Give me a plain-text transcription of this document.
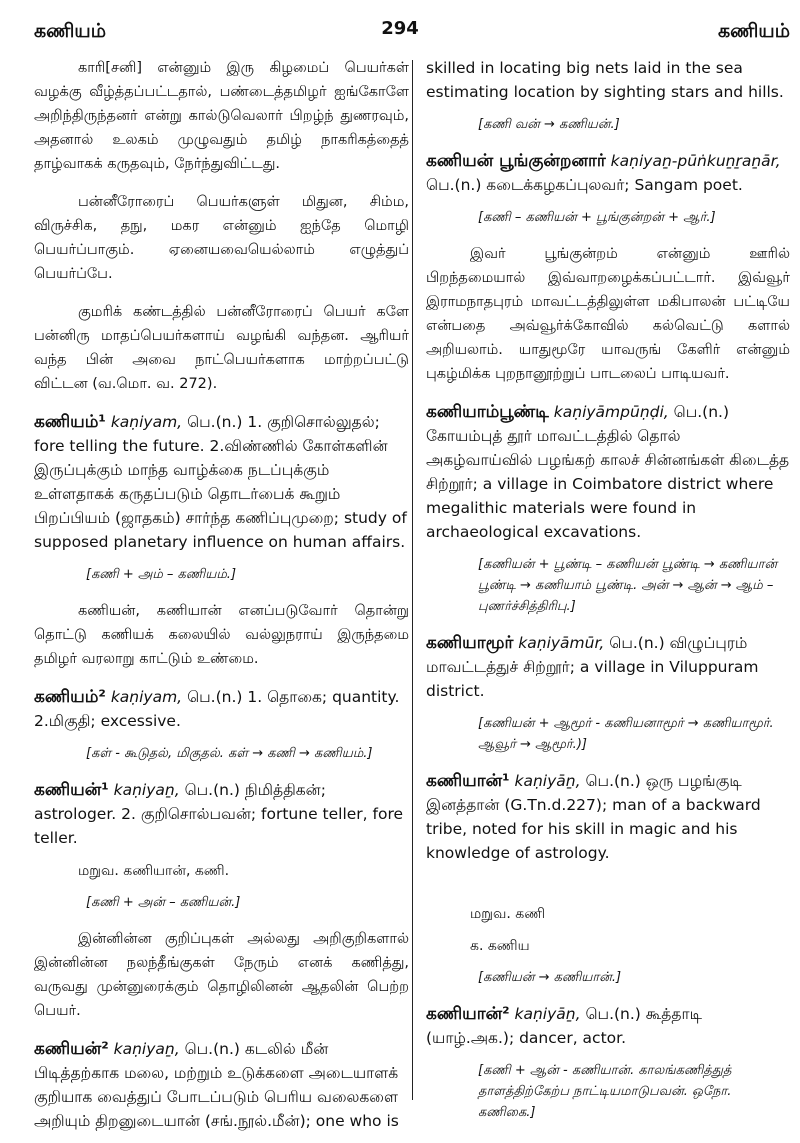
கணியம்	294	கணியம்

காரி[சனி] என்னும் இரு கிழமைப் பெயர்கள் வழக்கு வீழ்த்தப்பட்டதால், பண்டைத்தமிழர் ஐங்கோளே அறிந்திருந்தனர் என்று கால்டுவெலார் பிறழ்ந் துணரவும், அதனால் உலகம் முழுவதும் தமிழ் நாகரிகத்தைத் தாழ்வாகக் கருதவும், நேர்ந்துவிட்டது.

பன்னீரோரைப் பெயர்களுள் மிதுன, சிம்ம, விருச்சிக, தநு, மகர என்னும் ஐந்தே மொழி பெயர்ப்பாகும். ஏனையவையெல்லாம் எழுத்துப் பெயர்ப்பே.

குமரிக் கண்டத்தில் பன்னீரோரைப் பெயர் களே பன்னிரு மாதப்பெயர்களாய் வழங்கி வந்தன. ஆரியர் வந்த பின் அவை நாட்பெயர்களாக மாற்றப்பட்டு விட்டன (வ.மொ. வ. 272).

கணியம்¹ kaṇiyam, பெ.(n.) 1. குறிசொல்லுதல்; fore telling the future. 2.விண்ணில் கோள்களின் இருப்புக்கும் மாந்த வாழ்க்கை நடப்புக்கும் உள்ளதாகக் கருதப்படும் தொடர்பைக் கூறும் பிறப்பியம் (ஜாதகம்) சார்ந்த கணிப்புமுறை; study of supposed planetary influence on human affairs.
[கணி + அம் – கணியம்.]

கணியன், கணியான் எனப்படுவோர் தொன்று தொட்டு கணியக் கலையில் வல்லுநராய் இருந்தமை தமிழர் வரலாறு காட்டும் உண்மை.

கணியம்² kaṇiyam, பெ.(n.) 1. தொகை; quantity. 2.மிகுதி; excessive.
[கள் ‑ கூடுதல், மிகுதல். கள் → கணி → கணியம்.]
கணியன்¹ kaṇiyaṉ, பெ.(n.) நிமித்திகன்; astrologer. 2. குறிசொல்பவன்; fortune teller, fore teller.
மறுவ. கணியான், கணி.
[கணி + அன் – கணியன்.]

இன்னின்ன குறிப்புகள் அல்லது அறிகுறிகளால் இன்னின்ன நலந்தீங்குகள் நேரும் எனக் கணித்து, வருவது முன்னுரைக்கும் தொழிலினன் ஆதலின் பெற்ற பெயர்.

கணியன்² kaṇiyaṉ, பெ.(n.) கடலில் மீன் பிடித்தற்காக மலை, மற்றும் உடுக்களை அடையாளக் குறியாக வைத்துப் போடப்படும் பெரிய வலைகளை அறியும் திறனுடையான் (சங்.நூல்.மீன்); one who is
skilled in locating big nets laid in the sea estimating location by sighting stars and hills.
[கணி வன் → கணியன்.]
கணியன் பூங்குன்றனார் kaṇiyaṉ-pūṅkuṉṟaṉār, பெ.(n.) கடைக்கழகப்புலவர்; Sangam poet.
[கணி – கணியன் + பூங்குன்றன் + ஆர்.]

இவர் பூங்குன்றம் என்னும் ஊரில் பிறந்தமையால் இவ்வாறழைக்கப்பட்டார். இவ்வூர் இராமநாதபுரம் மாவட்டத்திலுள்ள மகிபாலன் பட்டியே என்பதை அவ்வூர்க்கோவில் கல்வெட்டு களால் அறியலாம். யாதுமூரே யாவருங் கேளிர் என்னும் புகழ்மிக்க புறநானூற்றுப் பாடலைப் பாடியவர்.

கணியாம்பூண்டி kaṇiyāmpūṇḍi, பெ.(n.) கோயம்புத் தூர் மாவட்டத்தில் தொல் அகழ்வாய்வில் பழங்கற் காலச் சின்னங்கள் கிடைத்த சிற்றூர்; a village in Coimbatore district where megalithic materials were found in archaeological excavations.
[கணியன் + பூண்டி – கணியன் பூண்டி → கணியான் பூண்டி → கணியாம் பூண்டி. அன் → ஆன் → ஆம் – புணர்ச்சித்திரிபு.]
கணியாமூர் kaṇiyāmūr, பெ.(n.) விழுப்புரம் மாவட்டத்துச் சிற்றூர்; a village in Viluppuram district.
[கணியன் + ஆமூர் ‑ கணியனாமூர் → கணியாமூர். ஆவூர் → ஆமூர்.)]
கணியான்¹ kaṇiyāṉ, பெ.(n.) ஒரு பழங்குடி இனத்தான் (G.Tn.d.227); man of a backward tribe, noted for his skill in magic and his knowledge of astrology.
மறுவ. கணி
க. கணிய
[கணியன் → கணியான்.]
கணியான்² kaṇiyāṉ, பெ.(n.) கூத்தாடி (யாழ்.அக.); dancer, actor.
[கணி + ஆன் ‑ கணியான். காலங்கணித்துத் தாளத்திற்கேற்ப நாட்டியமாடுபவன். ஒநோ. கணிகை.]
